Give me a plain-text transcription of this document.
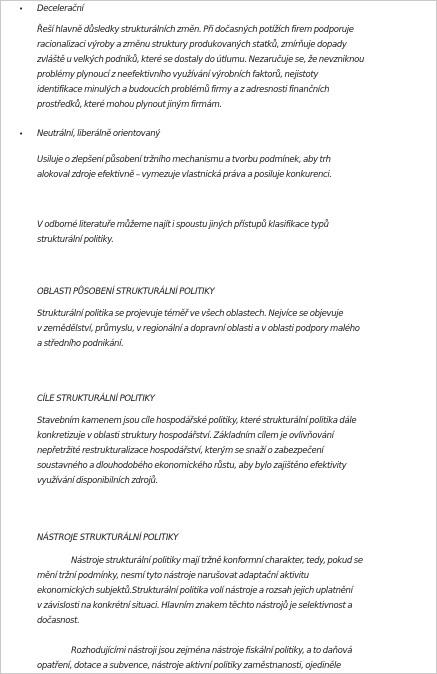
• Decelerační

Řeší hlavně důsledky strukturálních změn. Při dočasných potížích firem podporuje

racionalizaci výroby a změnu struktury produkovaných statků, zmírňuje dopady

zvláště u velkých podniků, které se dostaly do útlumu. Nezaručuje se, že nevzniknou

problémy plynoucí z neefektivního využívání výrobních faktorů, nejistoty

identifikace minulých a budoucích problémů firmy a z adresnosti finančních

prostředků, které mohou plynout jiným firmám.

• Neutrální, liberálně orientovaný

Usiluje o zlepšení působení tržního mechanismu a tvorbu podmínek, aby trh

alokoval zdroje efektivně – vymezuje vlastnická práva a posiluje konkurenci.

V odborné literatuře můžeme najít i spoustu jiných přístupů klasifikace typů

strukturální politiky.

OBLASTI PŮSOBENÍ STRUKTURÁLNÍ POLITIKY

Strukturální politika se projevuje téměř ve všech oblastech. Nejvíce se objevuje

v zemědělství, průmyslu, v regionální a dopravní oblasti a v oblasti podpory malého

a středního podnikání.

CÍLE STRUKTURÁLNÍ POLITIKY

Stavebním kamenem jsou cíle hospodářské politiky, které strukturální politika dále

konkretizuje v oblasti struktury hospodářství. Základním cílem je ovlivňování

nepřetržité restrukturalizace hospodářství, kterým se snaží o zabezpečení

soustavného a dlouhodobého ekonomického růstu, aby bylo zajištěno efektivity

využívání disponibilních zdrojů.

NÁSTROJE STRUKTURÁLNÍ POLITIKY

Nástroje strukturální politiky mají tržně konformní charakter, tedy, pokud se

mění tržní podmínky, nesmí tyto nástroje narušovat adaptační aktivitu

ekonomických subjektů.Strukturální politika volí nástroje a rozsah jejich uplatnění

v závislosti na konkrétní situaci. Hlavním znakem těchto nástrojů je selektivnost a

dočasnost.

Rozhodujícími nástroji jsou zejména nástroje fiskální politiky, a to daňová

opatření, dotace a subvence, nástroje aktivní politiky zaměstnanosti, ojediněle
